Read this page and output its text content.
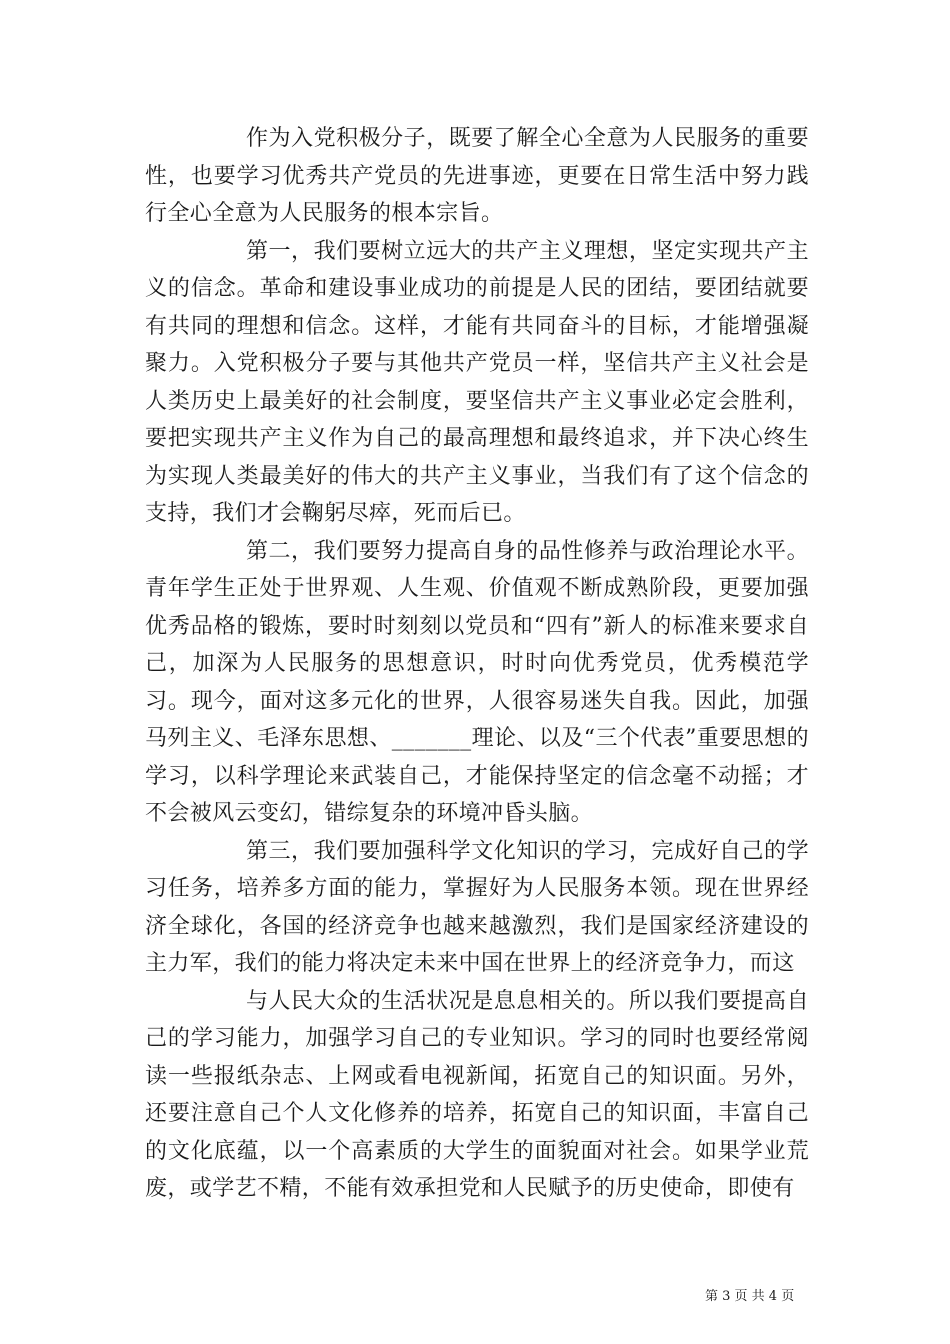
作为入党积极分子，既要了解全心全意为人民服务的重要性，也要学习优秀共产党员的先进事迹，更要在日常生活中努力践行全心全意为人民服务的根本宗旨。

第一，我们要树立远大的共产主义理想，坚定实现共产主义的信念。革命和建设事业成功的前提是人民的团结，要团结就要有共同的理想和信念。这样，才能有共同奋斗的目标，才能增强凝聚力。入党积极分子要与其他共产党员一样，坚信共产主义社会是人类历史上最美好的社会制度，要坚信共产主义事业必定会胜利，要把实现共产主义作为自己的最高理想和最终追求，并下决心终生为实现人类最美好的伟大的共产主义事业，当我们有了这个信念的支持，我们才会鞠躬尽瘁，死而后已。

第二，我们要努力提高自身的品性修养与政治理论水平。青年学生正处于世界观、人生观、价值观不断成熟阶段，更要加强优秀品格的锻炼，要时时刻刻以党员和“四有”新人的标准来要求自己，加深为人民服务的思想意识，时时向优秀党员，优秀模范学习。现今，面对这多元化的世界，人很容易迷失自我。因此，加强马列主义、毛泽东思想、_______理论、以及“三个代表”重要思想的学习，以科学理论来武装自己，才能保持坚定的信念毫不动摇；才不会被风云变幻，错综复杂的环境冲昏头脑。

第三，我们要加强科学文化知识的学习，完成好自己的学习任务，培养多方面的能力，掌握好为人民服务本领。现在世界经济全球化，各国的经济竞争也越来越激烈，我们是国家经济建设的主力军，我们的能力将决定未来中国在世界上的经济竞争力，而这

与人民大众的生活状况是息息相关的。所以我们要提高自己的学习能力，加强学习自己的专业知识。学习的同时也要经常阅读一些报纸杂志、上网或看电视新闻，拓宽自己的知识面。另外，还要注意自己个人文化修养的培养，拓宽自己的知识面，丰富自己的文化底蕴，以一个高素质的大学生的面貌面对社会。如果学业荒废，或学艺不精，不能有效承担党和人民赋予的历史使命，即使有

第 3 页 共 4 页
